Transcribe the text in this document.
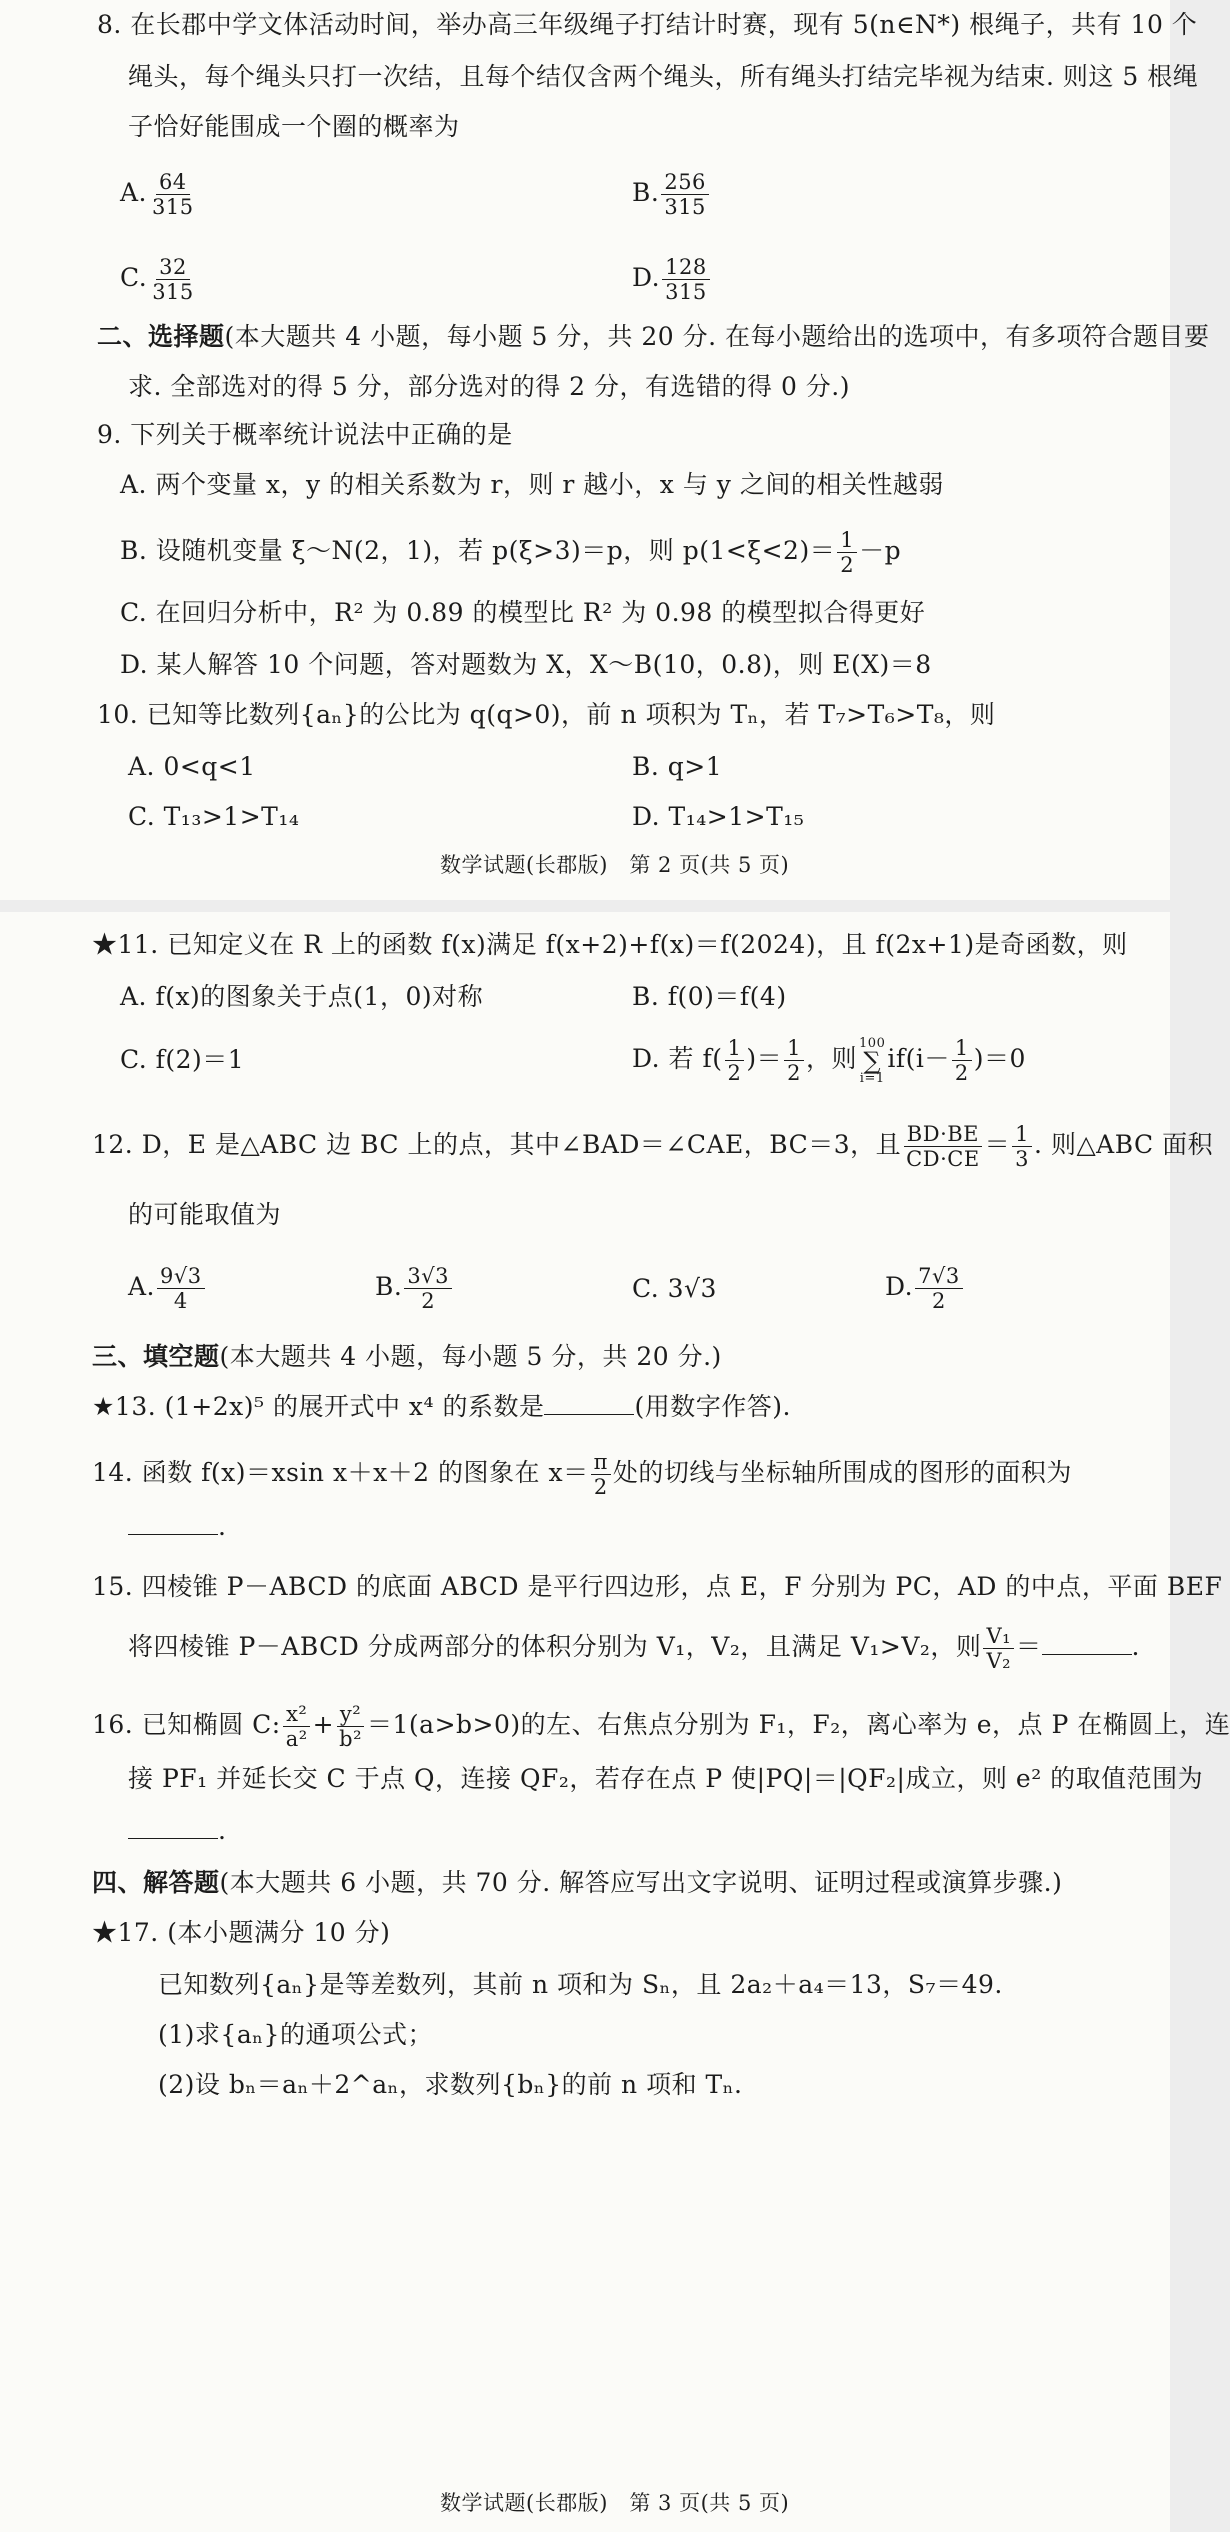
8. 在长郡中学文体活动时间，举办高三年级绳子打结计时赛，现有 5(n∈N*) 根绳子，共有 10 个
绳头，每个绳头只打一次结，且每个结仅含两个绳头，所有绳头打结完毕视为结束. 则这 5 根绳
子恰好能围成一个圈的概率为
A. $\frac{64}{315}$	B. $\frac{256}{315}$
C. $\frac{32}{315}$	D. $\frac{128}{315}$
二、选择题(本大题共 4 小题，每小题 5 分，共 20 分. 在每小题给出的选项中，有多项符合题目要
求. 全部选对的得 5 分，部分选对的得 2 分，有选错的得 0 分.)
9. 下列关于概率统计说法中正确的是
A. 两个变量 x，y 的相关系数为 r，则 r 越小，x 与 y 之间的相关性越弱
B. 设随机变量 ξ～N(2，1)，若 p(ξ>3)＝p，则 $p(1<\xi<2)= \frac{1}{2} -p$
C. 在回归分析中，R² 为 0.89 的模型比 R² 为 0.98 的模型拟合得更好
D. 某人解答 10 个问题，答对题数为 X，X～B(10，0.8)，则 E(X)＝8
10. 已知等比数列{aₙ}的公比为 q(q>0)，前 n 项积为 Tₙ，若 T₇>T₆>T₈，则
A. 0<q<1	B. q>1
C. T₁₃>1>T₁₄	D. T₁₄>1>T₁₅
数学试题(长郡版)　第 2 页(共 5 页)
★11. 已知定义在 R 上的函数 f(x)满足 f(x+2)+f(x)＝f(2024)，且 f(2x+1)是奇函数，则
A. f(x)的图象关于点(1，0)对称	B. f(0)＝f(4)
C. f(2)＝1	D. 若 $f( \frac{1}{2}$ )＝ $\frac{1}{2}$ ，则
100
∑
i=1
$if(i- \frac{1}{2} )=0$
12. D，E 是△ABC 边 BC 上的点，其中∠BAD＝∠CAE，BC＝3，且 $\frac{BD\cdot BE}{CD\cdot CE} = \frac{1}{3}$ . 则△ABC 面积
的可能取值为
A. $\frac{9√3}{4}$	B. $\frac{3√3}{2}$	C. 3√3	D. $\frac{7√3}{2}$
三、填空题(本大题共 4 小题，每小题 5 分，共 20 分.)
★13. (1+2x)⁵ 的展开式中 x⁴ 的系数是	(用数字作答).
14. 函数 f(x)＝xsin x＋x＋2 的图象在 $x= \frac{\pi}{2}$ 处的切线与坐标轴所围成的图形的面积为
.
15. 四棱锥 P－ABCD 的底面 ABCD 是平行四边形，点 E，F 分别为 PC，AD 的中点，平面 BEF
将四棱锥 P－ABCD 分成两部分的体积分别为 V₁，V₂，且满足 V₁>V₂，则 $\frac{\text{V₁}}{\text{V₂}}$ ＝	.
16. 已知椭圆 C: $\frac{\text{x²}}{\text{a²}} + \frac{\text{y²}}{\text{b²}} =1(a>b>0)$的左、右焦点分别为 F₁，F₂，离心率为 e，点 P 在椭圆上，连
接 PF₁ 并延长交 C 于点 Q，连接 QF₂，若存在点 P 使|PQ|＝|QF₂|成立，则 e² 的取值范围为
.
四、解答题(本大题共 6 小题，共 70 分. 解答应写出文字说明、证明过程或演算步骤.)
★17. (本小题满分 10 分)
已知数列{aₙ}是等差数列，其前 n 项和为 Sₙ，且 2a₂＋a₄＝13，S₇＝49.
(1)求{aₙ}的通项公式；
(2)设 bₙ＝aₙ＋2^aₙ，求数列{bₙ}的前 n 项和 Tₙ.
数学试题(长郡版)　第 3 页(共 5 页)
